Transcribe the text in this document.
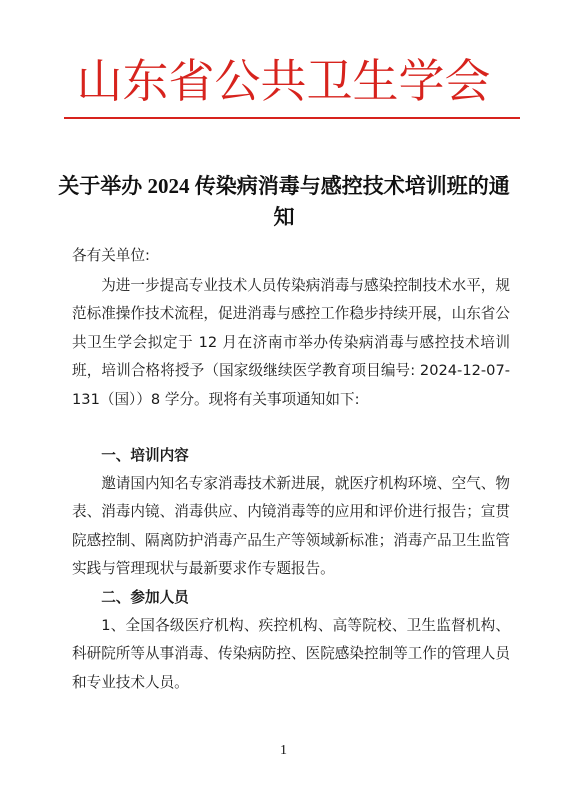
山东省公共卫生学会
关于举办 2024 传染病消毒与感控技术培训班的通知
各有关单位:
为进一步提高专业技术人员传染病消毒与感染控制技术水平，规范标准操作技术流程，促进消毒与感控工作稳步持续开展，山东省公共卫生学会拟定于 12 月在济南市举办传染病消毒与感控技术培训班，培训合格将授予（国家级继续医学教育项目编号: 2024-12-07-131（国））8 学分。现将有关事项通知如下:
一、培训内容
邀请国内知名专家消毒技术新进展，就医疗机构环境、空气、物表、消毒内镜、消毒供应、内镜消毒等的应用和评价进行报告；宣贯院感控制、隔离防护消毒产品生产等领域新标准；消毒产品卫生监管实践与管理现状与最新要求作专题报告。
二、参加人员
1、全国各级医疗机构、疾控机构、高等院校、卫生监督机构、科研院所等从事消毒、传染病防控、医院感染控制等工作的管理人员和专业技术人员。
1
